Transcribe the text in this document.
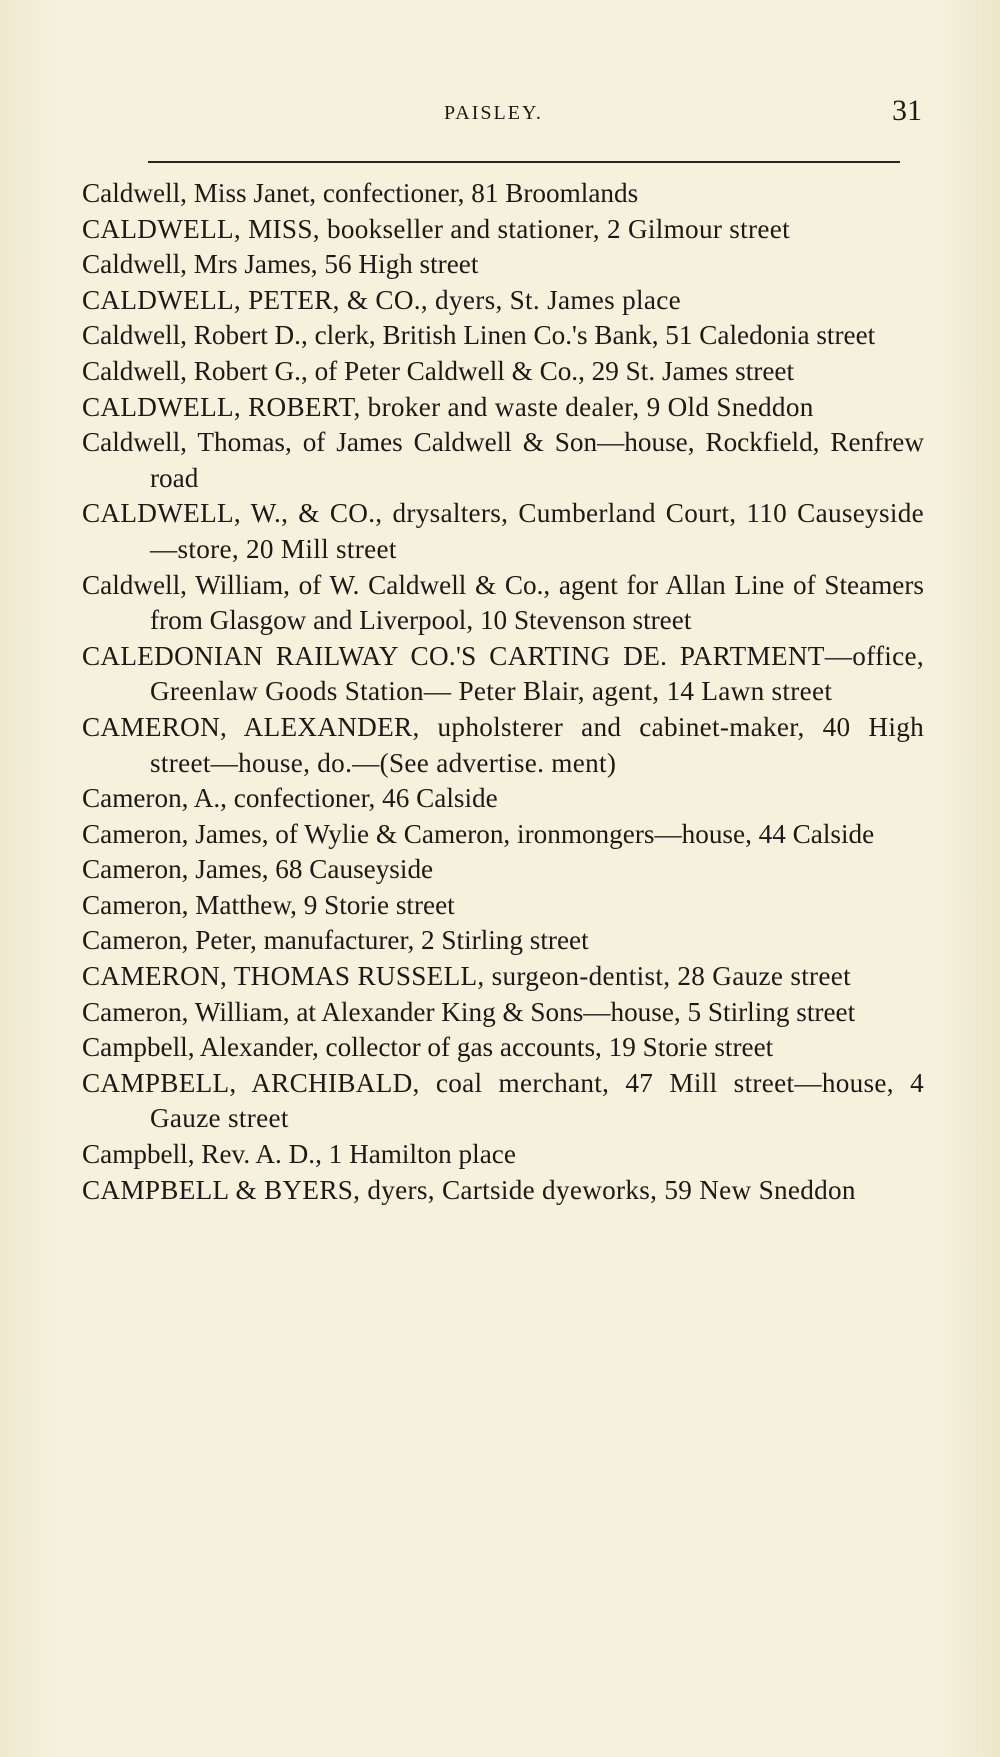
PAISLEY.	31

Caldwell, Miss Janet, confectioner, 81 Broomlands

CALDWELL, MISS, bookseller and stationer, 2 Gilmour street

Caldwell, Mrs James, 56 High street

CALDWELL, PETER, & CO., dyers, St. James place

Caldwell, Robert D., clerk, British Linen Co.'s Bank, 51 Caledonia street

Caldwell, Robert G., of Peter Caldwell & Co., 29 St. James street

CALDWELL, ROBERT, broker and waste dealer, 9 Old Sneddon

Caldwell, Thomas, of James Caldwell & Son—house, Rockfield, Renfrew road

CALDWELL, W., & CO., drysalters, Cumberland Court, 110 Causeyside—store, 20 Mill street

Caldwell, William, of W. Caldwell & Co., agent for Allan Line of Steamers from Glasgow and Liverpool, 10 Stevenson street

CALEDONIAN RAILWAY CO.'S CARTING DE. PARTMENT—office, Greenlaw Goods Station— Peter Blair, agent, 14 Lawn street

CAMERON, ALEXANDER, upholsterer and cabinet-maker, 40 High street—house, do.—(See advertise. ment)

Cameron, A., confectioner, 46 Calside

Cameron, James, of Wylie & Cameron, ironmongers—house, 44 Calside

Cameron, James, 68 Causeyside

Cameron, Matthew, 9 Storie street

Cameron, Peter, manufacturer, 2 Stirling street

CAMERON, THOMAS RUSSELL, surgeon-dentist, 28 Gauze street

Cameron, William, at Alexander King & Sons—house, 5 Stirling street

Campbell, Alexander, collector of gas accounts, 19 Storie street

CAMPBELL, ARCHIBALD, coal merchant, 47 Mill street—house, 4 Gauze street

Campbell, Rev. A. D., 1 Hamilton place

CAMPBELL & BYERS, dyers, Cartside dyeworks, 59 New Sneddon
